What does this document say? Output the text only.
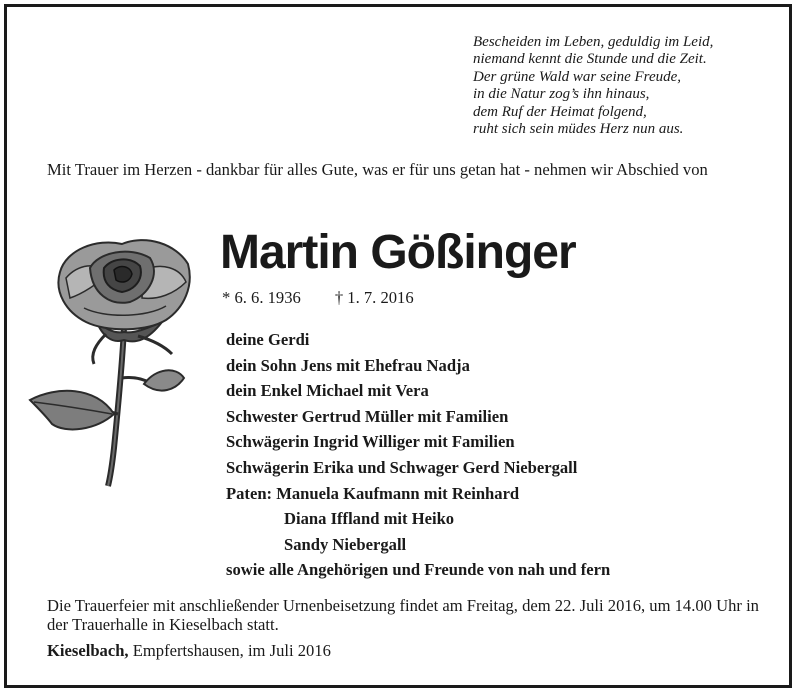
Bescheiden im Leben, geduldig im Leid,
niemand kennt die Stunde und die Zeit.
Der grüne Wald war seine Freude,
in die Natur zog’s ihn hinaus,
dem Ruf der Heimat folgend,
ruht sich sein müdes Herz nun aus.
Mit Trauer im Herzen - dankbar für alles Gute, was er für uns getan hat - nehmen wir Abschied von
Martin Gößinger
* 6. 6. 1936 † 1. 7. 2016
deine Gerdi
dein Sohn Jens mit Ehefrau Nadja
dein Enkel Michael mit Vera
Schwester Gertrud Müller mit Familien
Schwägerin Ingrid Williger mit Familien
Schwägerin Erika und Schwager Gerd Niebergall
Paten: Manuela Kaufmann mit Reinhard
Diana Iffland mit Heiko
Sandy Niebergall
sowie alle Angehörigen und Freunde von nah und fern
Die Trauerfeier mit anschließender Urnenbeisetzung findet am Freitag, dem 22. Juli 2016, um 14.00 Uhr in der Trauerhalle in Kieselbach statt.
Kieselbach, Empfertshausen, im Juli 2016
